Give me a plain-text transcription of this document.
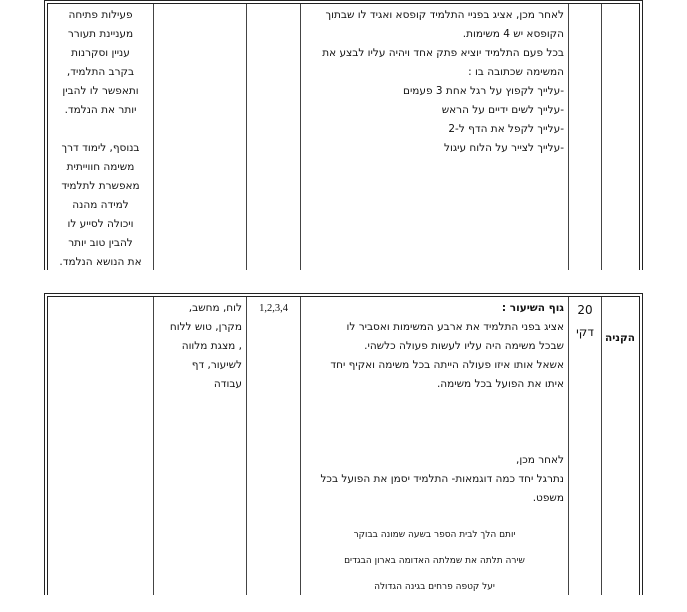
לאחר מכן, אציג בפניי התלמיד קופסא ואגיד לו שבתוך
הקופסא יש 4 משימות.
בכל פעם התלמיד יוציא פתק אחד ויהיה עליו לבצע את
המשימה שכתובה בו :
-עלייך לקפוץ על רגל אחת 3 פעמים
-עלייך לשים ידיים על הראש
-עלייך לקפל את הדף ל-2
-עלייך לצייר על הלוח עיגול
פעילות פתיחה
מעניינת תעורר
עניין וסקרנות
בקרב התלמיד,
ותאפשר לו להבין
יותר את הנלמד.

בנוסף, לימוד דרך
משימה חווייתית
מאפשרת לתלמיד
למידה מהנה
ויכולה לסייע לו
להבין טוב יותר
את הנושא הנלמד.
הקניה
20
דקי
גוף השיעור :
אציג בפני התלמיד את ארבע המשימות ואסביר לו
שבכל משימה היה עליו לעשות פעולה כלשהי.
אשאל אותו איזו פעולה הייתה בכל משימה ואקיף יחד
איתו את הפועל בכל משימה.
לאחר מכן,
נתרגל יחד כמה דוגמאות- התלמיד יסמן את הפועל בכל
משפט.
יותם הלך לבית הספר בשעה שמונה בבוקר
שירה תלתה את שמלתה האדומה בארון הבגדים
יעל קטפה פרחים בגינה הגדולה
1,2,3,4
לוח, מחשב,
מקרן, טוש ללוח
, מצגת מלווה
לשיעור, דף
עבודה
